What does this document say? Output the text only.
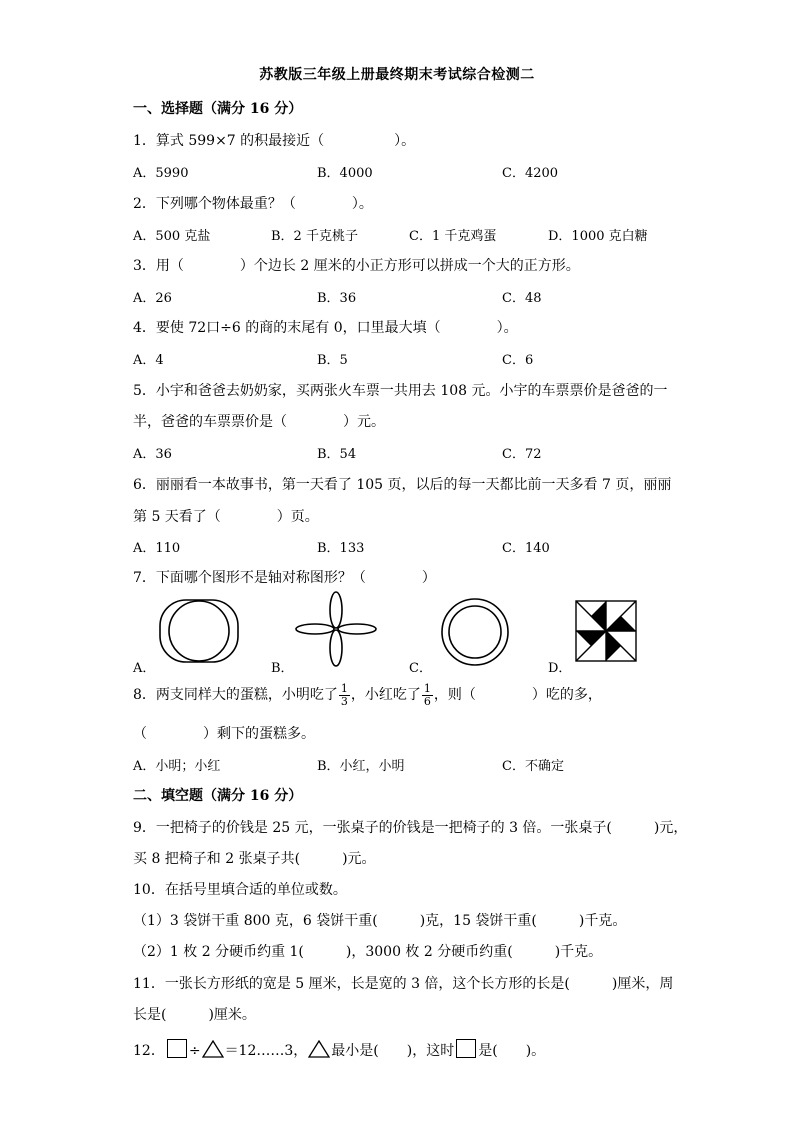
苏教版三年级上册最终期末考试综合检测二
一、选择题（满分 16 分）
1．算式 599×7 的积最接近（　　　　　）。
A．5990	B．4000	C．4200
2．下列哪个物体最重？（　　　　）。
A．500 克盐	B．2 千克桃子	C．1 千克鸡蛋	D．1000 克白糖
3．用（　　　　）个边长 2 厘米的小正方形可以拼成一个大的正方形。
A．26	B．36	C．48
4．要使 72口÷6 的商的末尾有 0，口里最大填（　　　　）。
A．4	B．5	C．6
5．小宇和爸爸去奶奶家，买两张火车票一共用去 108 元。小宇的车票票价是爸爸的一
半，爸爸的车票票价是（　　　　）元。
A．36	B．54	C．72
6．丽丽看一本故事书，第一天看了 105 页，以后的每一天都比前一天多看 7 页，丽丽
第 5 天看了（　　　　）页。
A．110	B．133	C．140
7．下面哪个图形不是轴对称图形？（　　　　）
A．	B．	C．	D．
8．两支同样大的蛋糕，小明吃了 $\frac{1}{3}$ ，小红吃了 $\frac{1}{6}$ ，则（　　　　）吃的多，
（　　　　）剩下的蛋糕多。
A．小明；小红	B．小红，小明	C．不确定
二、填空题（满分 16 分）
9．一把椅子的价钱是 25 元，一张桌子的价钱是一把椅子的 3 倍。一张桌子(　　　)元，
买 8 把椅子和 2 张桌子共(　　　)元。
10．在括号里填合适的单位或数。
（1）3 袋饼干重 800 克，6 袋饼干重(　　　)克，15 袋饼干重(　　　)千克。
（2）1 枚 2 分硬币约重 1(　　　)，3000 枚 2 分硬币约重(　　　)千克。
11．一张长方形纸的宽是 5 厘米，长是宽的 3 倍，这个长方形的长是(　　　)厘米，周
长是(　　　)厘米。
12． ÷ ＝12……3， 最小是(　　)，这时 是(　　)。
